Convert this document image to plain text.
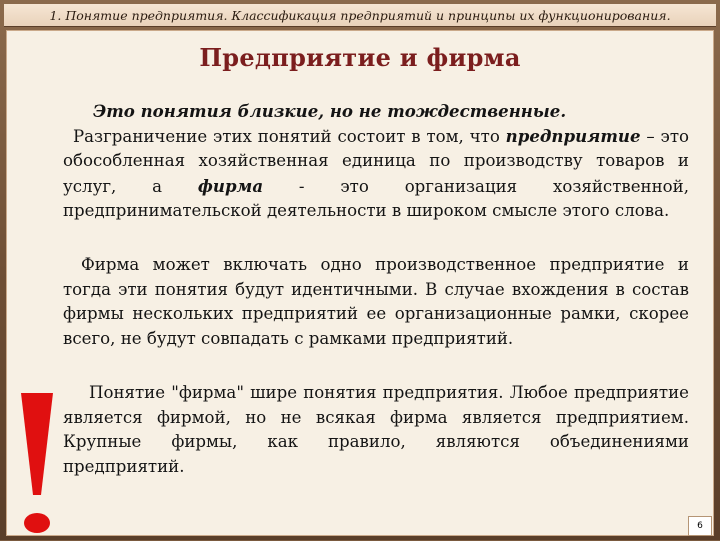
1. Понятие предприятия. Классификация предприятий и принципы их функционирования.
Предприятие и фирма

Это понятия близкие, но не тождественные.

Разграничение этих понятий состоит в том, что предприятие – это обособленная хозяйственная единица по производству товаров и услуг, а фирма - это организация хозяйственной, предпринимательской деятельности в широком смысле этого слова.

Фирма может включать одно производственное предприятие и тогда эти понятия будут идентичными. В случае вхождения в состав фирмы нескольких предприятий ее организационные рамки, скорее всего, не будут совпадать с рамками предприятий.

Понятие "фирма" шире понятия предприятия. Любое предприятие является фирмой, но не всякая фирма является предприятием. Крупные фирмы, как правило, являются объединениями предприятий.

6
